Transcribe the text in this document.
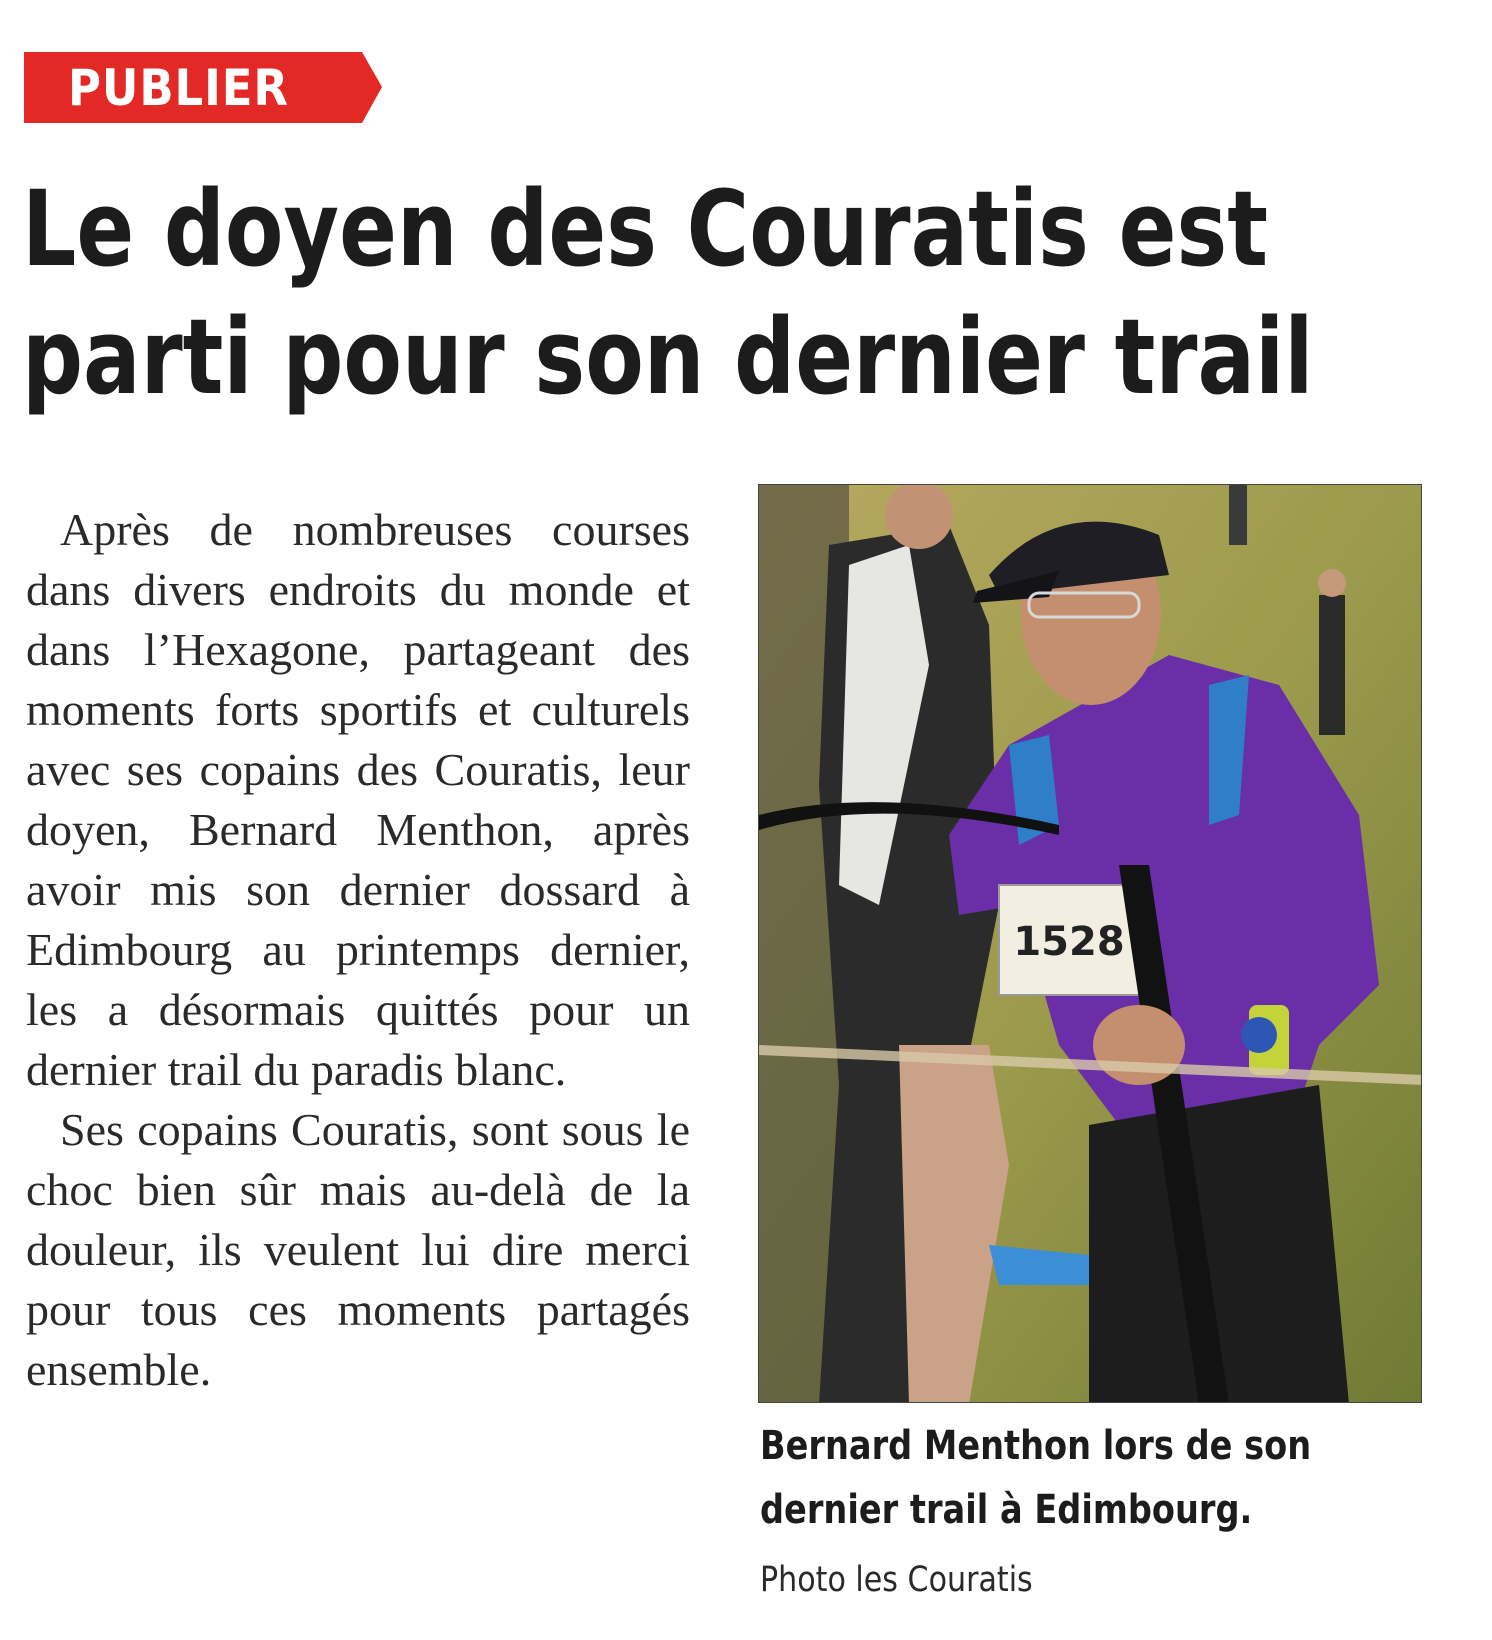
PUBLIER
Le doyen des Couratis est
parti pour son dernier trail

Après de nombreuses courses dans divers endroits du monde et dans l’Hexagone, partageant des moments forts sportifs et culturels avec ses copains des Couratis, leur doyen, Bernard Menthon, après avoir mis son dernier dossard à Edimbourg au printemps dernier, les a désormais quittés pour un dernier trail du paradis blanc.

Ses copains Couratis, sont sous le choc bien sûr mais au-delà de la douleur, ils veulent lui dire merci pour tous ces moments partagés ensemble.

1528
Bernard Menthon lors de son
dernier trail à Edimbourg.
Photo les Couratis
